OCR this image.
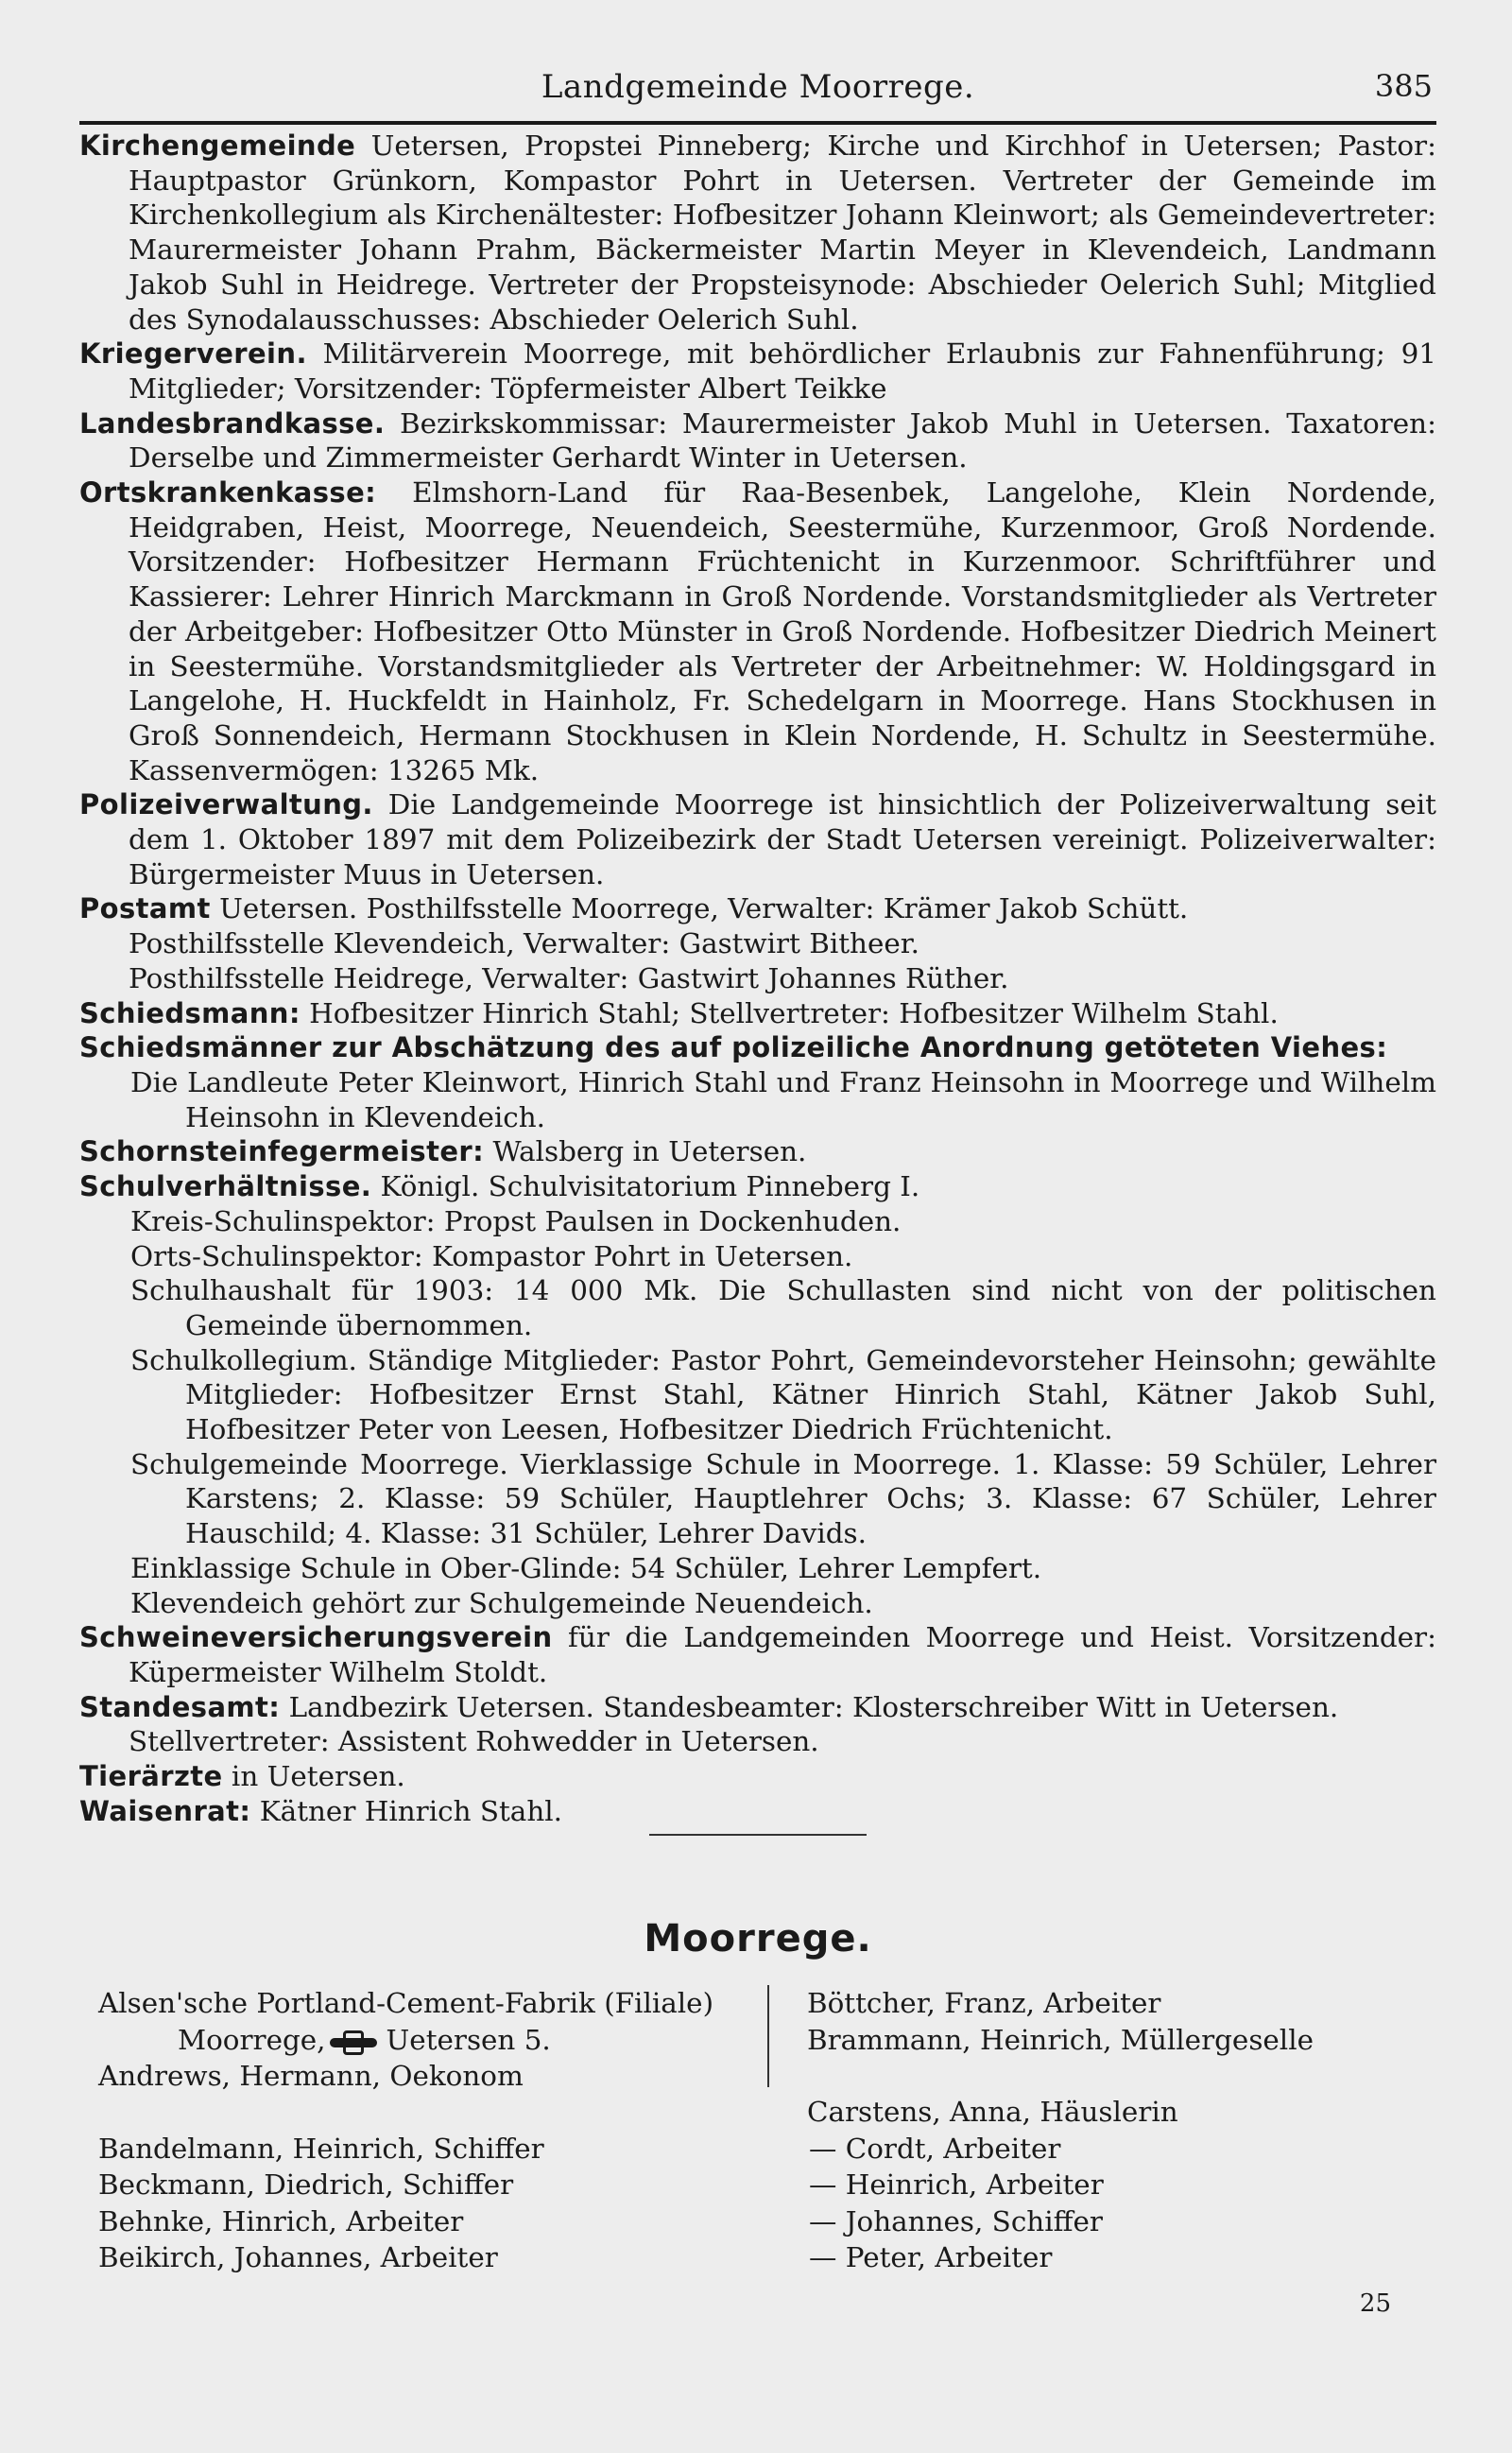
Landgemeinde Moorrege.	385

Kirchengemeinde Uetersen, Propstei Pinneberg; Kirche und Kirchhof in Uetersen; Pastor: Hauptpastor Grünkorn, Kompastor Pohrt in Uetersen. Vertreter der Gemeinde im Kirchenkollegium als Kirchenältester: Hofbesitzer Johann Kleinwort; als Gemeindevertreter: Maurermeister Johann Prahm, Bäckermeister Martin Meyer in Klevendeich, Landmann Jakob Suhl in Heidrege. Vertreter der Propsteisynode: Abschieder Oelerich Suhl; Mitglied des Synodalausschusses: Abschieder Oelerich Suhl.

Kriegerverein. Militärverein Moorrege, mit behördlicher Erlaubnis zur Fahnenführung; 91 Mitglieder; Vorsitzender: Töpfermeister Albert Teikke

Landesbrandkasse. Bezirkskommissar: Maurermeister Jakob Muhl in Uetersen. Taxatoren: Derselbe und Zimmermeister Gerhardt Winter in Uetersen.

Ortskrankenkasse: Elmshorn-Land für Raa-Besenbek, Langelohe, Klein Nordende, Heidgraben, Heist, Moorrege, Neuendeich, Seestermühe, Kurzenmoor, Groß Nordende. Vorsitzender: Hofbesitzer Hermann Früchtenicht in Kurzenmoor. Schriftführer und Kassierer: Lehrer Hinrich Marckmann in Groß Nordende. Vorstandsmitglieder als Vertreter der Arbeitgeber: Hofbesitzer Otto Münster in Groß Nordende. Hofbesitzer Diedrich Meinert in Seestermühe. Vorstandsmitglieder als Vertreter der Arbeitnehmer: W. Holdingsgard in Langelohe, H. Huckfeldt in Hainholz, Fr. Schedelgarn in Moorrege. Hans Stockhusen in Groß Sonnendeich, Hermann Stockhusen in Klein Nordende, H. Schultz in Seestermühe. Kassenvermögen: 13265 Mk.

Polizeiverwaltung. Die Landgemeinde Moorrege ist hinsichtlich der Polizeiverwaltung seit dem 1. Oktober 1897 mit dem Polizeibezirk der Stadt Uetersen vereinigt. Polizeiverwalter: Bürgermeister Muus in Uetersen.

Postamt Uetersen. Posthilfsstelle Moorrege, Verwalter: Krämer Jakob Schütt.

Posthilfsstelle Klevendeich, Verwalter: Gastwirt Bitheer.

Posthilfsstelle Heidrege, Verwalter: Gastwirt Johannes Rüther.

Schiedsmann: Hofbesitzer Hinrich Stahl; Stellvertreter: Hofbesitzer Wilhelm Stahl.

Schiedsmänner zur Abschätzung des auf polizeiliche Anordnung getöteten Viehes:

Die Landleute Peter Kleinwort, Hinrich Stahl und Franz Heinsohn in Moorrege und Wilhelm Heinsohn in Klevendeich.

Schornsteinfegermeister: Walsberg in Uetersen.

Schulverhältnisse. Königl. Schulvisitatorium Pinneberg I.

Kreis-Schulinspektor: Propst Paulsen in Dockenhuden.

Orts-Schulinspektor: Kompastor Pohrt in Uetersen.

Schulhaushalt für 1903: 14 000 Mk. Die Schullasten sind nicht von der politischen Gemeinde übernommen.

Schulkollegium. Ständige Mitglieder: Pastor Pohrt, Gemeindevorsteher Heinsohn; gewählte Mitglieder: Hofbesitzer Ernst Stahl, Kätner Hinrich Stahl, Kätner Jakob Suhl, Hofbesitzer Peter von Leesen, Hofbesitzer Diedrich Früchtenicht.

Schulgemeinde Moorrege. Vierklassige Schule in Moorrege. 1. Klasse: 59 Schüler, Lehrer Karstens; 2. Klasse: 59 Schüler, Hauptlehrer Ochs; 3. Klasse: 67 Schüler, Lehrer Hauschild; 4. Klasse: 31 Schüler, Lehrer Davids.

Einklassige Schule in Ober-Glinde: 54 Schüler, Lehrer Lempfert.

Klevendeich gehört zur Schulgemeinde Neuendeich.

Schweineversicherungsverein für die Landgemeinden Moorrege und Heist. Vorsitzender: Küpermeister Wilhelm Stoldt.

Standesamt: Landbezirk Uetersen. Standesbeamter: Klosterschreiber Witt in Uetersen.

Stellvertreter: Assistent Rohwedder in Uetersen.

Tierärzte in Uetersen.

Waisenrat: Kätner Hinrich Stahl.

Moorrege.

Alsen'sche Portland-Cement-Fabrik (Filiale)

Moorrege, Uetersen 5.

Andrews, Hermann, Oekonom

Bandelmann, Heinrich, Schiffer

Beckmann, Diedrich, Schiffer

Behnke, Hinrich, Arbeiter

Beikirch, Johannes, Arbeiter

Böttcher, Franz, Arbeiter

Brammann, Heinrich, Müllergeselle

Carstens, Anna, Häuslerin

— Cordt, Arbeiter

— Heinrich, Arbeiter

— Johannes, Schiffer

— Peter, Arbeiter

25
